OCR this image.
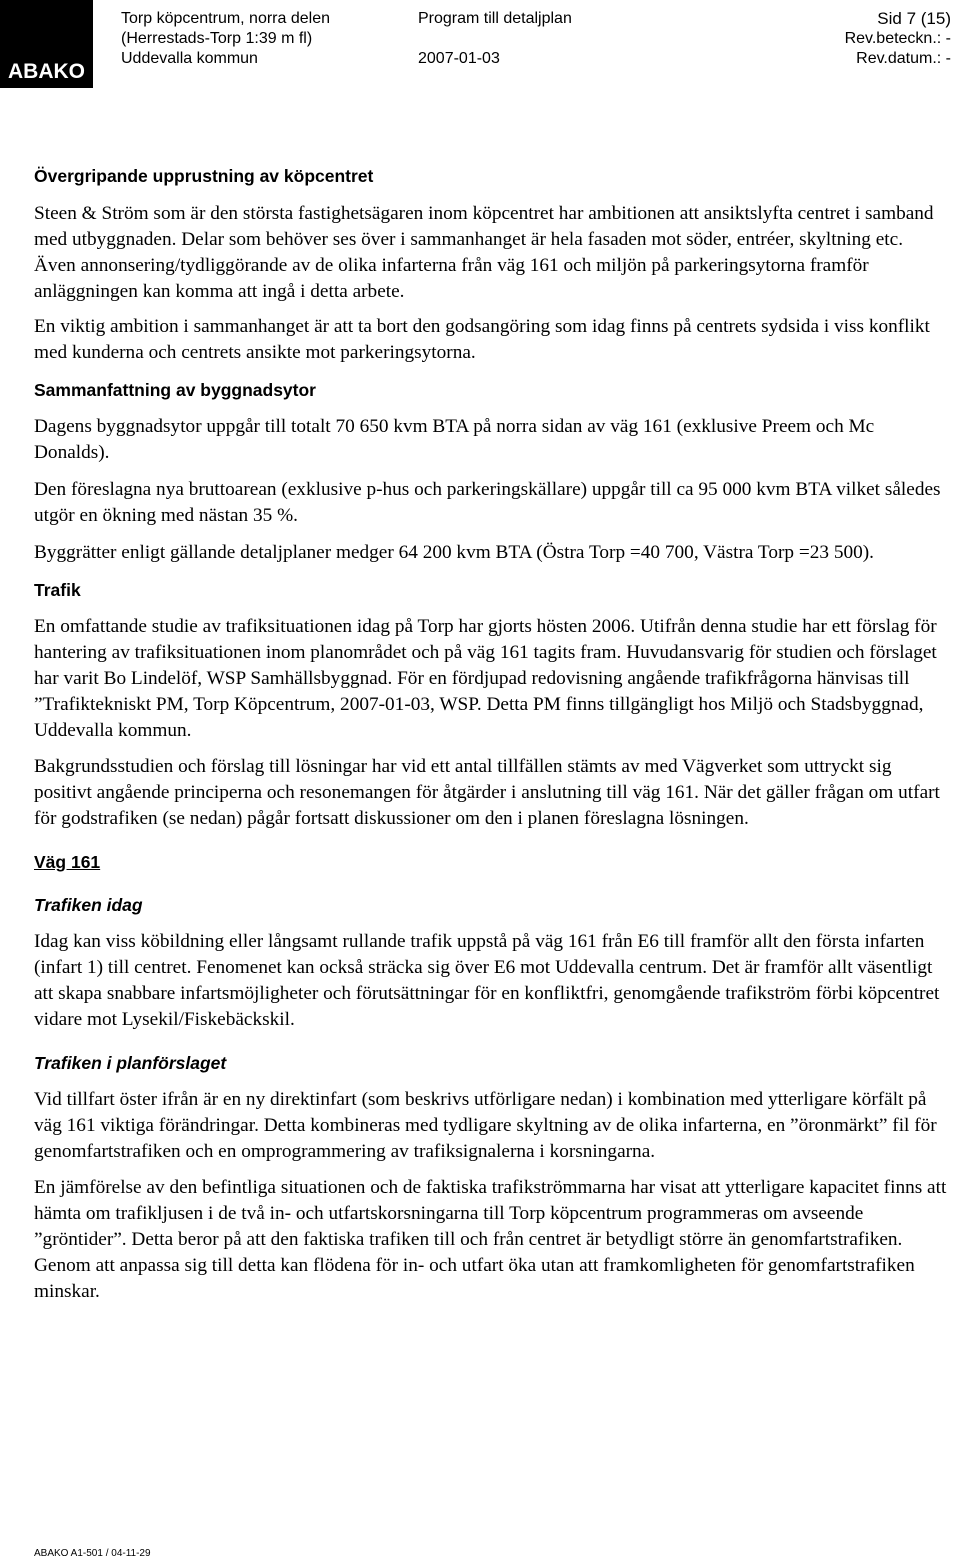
ABAKO
Torp köpcentrum, norra delen
(Herrestads-Torp 1:39 m fl)
Uddevalla kommun
Program till detaljplan

2007-01-03
Sid 7 (15)
Rev.beteckn.: -
Rev.datum.: -
Övergripande upprustning av köpcentret

Steen & Ström som är den största fastighetsägaren inom köpcentret har ambitionen att ansiktslyfta centret i samband med utbyggnaden. Delar som behöver ses över i sammanhanget är hela fasaden mot söder, entréer, skyltning etc. Även annonsering/tydliggörande av de olika infarterna från väg 161 och miljön på parkeringsytorna framför anläggningen kan komma att ingå i detta arbete.

En viktig ambition i sammanhanget är att ta bort den godsangöring som idag finns på centrets sydsida i viss konflikt med kunderna och centrets ansikte mot parkeringsytorna.

Sammanfattning av byggnadsytor

Dagens byggnadsytor uppgår till totalt 70 650 kvm BTA på norra sidan av väg 161 (exklusive Preem och Mc Donalds).

Den föreslagna nya bruttoarean (exklusive p-hus och parkeringskällare) uppgår till ca 95 000 kvm BTA vilket således utgör en ökning med nästan 35 %.

Byggrätter enligt gällande detaljplaner medger 64 200 kvm BTA (Östra Torp =40 700, Västra Torp =23 500).

Trafik

En omfattande studie av trafiksituationen idag på Torp har gjorts hösten 2006. Utifrån denna studie har ett förslag för hantering av trafiksituationen inom planområdet och på väg 161 tagits fram. Huvudansvarig för studien och förslaget har varit Bo Lindelöf, WSP Samhällsbyggnad. För en fördjupad redovisning angående trafikfrågorna hänvisas till ”Trafiktekniskt PM, Torp Köpcentrum, 2007-01-03, WSP. Detta PM finns tillgängligt hos Miljö och Stadsbyggnad, Uddevalla kommun.

Bakgrundsstudien och förslag till lösningar har vid ett antal tillfällen stämts av med Vägverket som uttryckt sig positivt angående principerna och resonemangen för åtgärder i anslutning till väg 161. När det gäller frågan om utfart för godstrafiken (se nedan) pågår fortsatt diskussioner om den i planen föreslagna lösningen.

Väg 161
Trafiken idag

Idag kan viss köbildning eller långsamt rullande trafik uppstå på väg 161 från E6 till framför allt den första infarten (infart 1) till centret. Fenomenet kan också sträcka sig över E6 mot Uddevalla centrum. Det är framför allt väsentligt att skapa snabbare infartsmöjligheter och förutsättningar för en konfliktfri, genomgående trafikström förbi köpcentret vidare mot Lysekil/Fiskebäckskil.

Trafiken i planförslaget

Vid tillfart öster ifrån är en ny direktinfart (som beskrivs utförligare nedan) i kombination med ytterligare körfält på väg 161 viktiga förändringar. Detta kombineras med tydligare skyltning av de olika infarterna, en ”öronmärkt” fil för genomfartstrafiken och en omprogrammering av trafiksignalerna i korsningarna.

En jämförelse av den befintliga situationen och de faktiska trafikströmmarna har visat att ytterligare kapacitet finns att hämta om trafikljusen i de två in- och utfartskorsningarna till Torp köpcentrum programmeras om avseende ”gröntider”. Detta beror på att den faktiska trafiken till och från centret är betydligt större än genomfartstrafiken. Genom att anpassa sig till detta kan flödena för in- och utfart öka utan att framkomligheten för genomfartstrafiken minskar.

ABAKO A1-501 / 04-11-29
